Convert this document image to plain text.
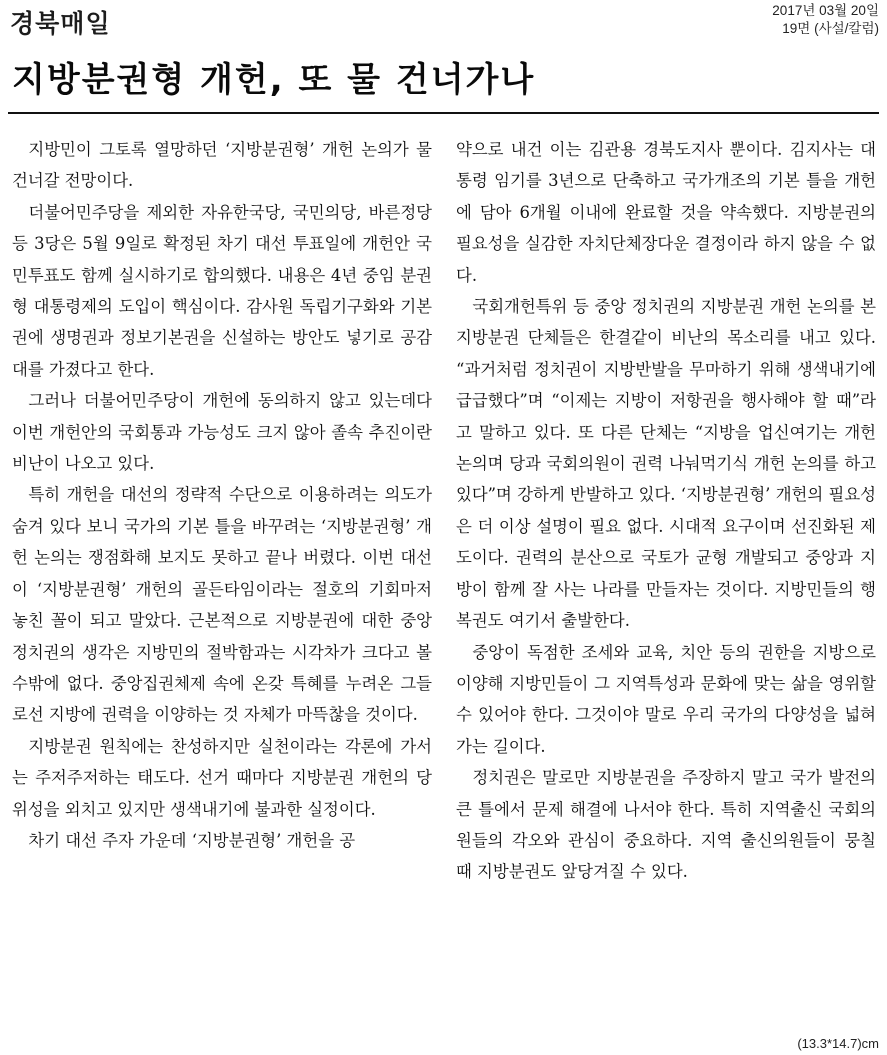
경북매일	2017년 03월 20일
19면 (사설/칼럼)
지방분권형 개헌, 또 물 건너가나

지방민이 그토록 열망하던 ‘지방분권형’ 개헌 논의가 물 건너갈 전망이다.

더불어민주당을 제외한 자유한국당, 국민의당, 바른정당 등 3당은 5월 9일로 확정된 차기 대선 투표일에 개헌안 국민투표도 함께 실시하기로 합의했다. 내용은 4년 중임 분권형 대통령제의 도입이 핵심이다. 감사원 독립기구화와 기본권에 생명권과 정보기본권을 신설하는 방안도 넣기로 공감대를 가졌다고 한다.

그러나 더불어민주당이 개헌에 동의하지 않고 있는데다 이번 개헌안의 국회통과 가능성도 크지 않아 졸속 추진이란 비난이 나오고 있다.

특히 개헌을 대선의 정략적 수단으로 이용하려는 의도가 숨겨 있다 보니 국가의 기본 틀을 바꾸려는 ‘지방분권형’ 개헌 논의는 쟁점화해 보지도 못하고 끝나 버렸다. 이번 대선이 ‘지방분권형’ 개헌의 골든타임이라는 절호의 기회마저 놓친 꼴이 되고 말았다. 근본적으로 지방분권에 대한 중앙 정치권의 생각은 지방민의 절박함과는 시각차가 크다고 볼 수밖에 없다. 중앙집권체제 속에 온갖 특혜를 누려온 그들로선 지방에 권력을 이양하는 것 자체가 마뜩찮을 것이다.

지방분권 원칙에는 찬성하지만 실천이라는 각론에 가서는 주저주저하는 태도다. 선거 때마다 지방분권 개헌의 당위성을 외치고 있지만 생색내기에 불과한 실정이다.

차기 대선 주자 가운데 ‘지방분권형’ 개헌을 공

약으로 내건 이는 김관용 경북도지사 뿐이다. 김지사는 대통령 임기를 3년으로 단축하고 국가개조의 기본 틀을 개헌에 담아 6개월 이내에 완료할 것을 약속했다. 지방분권의 필요성을 실감한 자치단체장다운 결정이라 하지 않을 수 없다.

국회개헌특위 등 중앙 정치권의 지방분권 개헌 논의를 본 지방분권 단체들은 한결같이 비난의 목소리를 내고 있다. “과거처럼 정치권이 지방반발을 무마하기 위해 생색내기에 급급했다”며 “이제는 지방이 저항권을 행사해야 할 때”라고 말하고 있다. 또 다른 단체는 “지방을 업신여기는 개헌 논의며 당과 국회의원이 권력 나눠먹기식 개헌 논의를 하고 있다”며 강하게 반발하고 있다. ‘지방분권형’ 개헌의 필요성은 더 이상 설명이 필요 없다. 시대적 요구이며 선진화된 제도이다. 권력의 분산으로 국토가 균형 개발되고 중앙과 지방이 함께 잘 사는 나라를 만들자는 것이다. 지방민들의 행복권도 여기서 출발한다.

중앙이 독점한 조세와 교육, 치안 등의 권한을 지방으로 이양해 지방민들이 그 지역특성과 문화에 맞는 삶을 영위할 수 있어야 한다. 그것이야 말로 우리 국가의 다양성을 넓혀가는 길이다.

정치권은 말로만 지방분권을 주장하지 말고 국가 발전의 큰 틀에서 문제 해결에 나서야 한다. 특히 지역출신 국회의원들의 각오와 관심이 중요하다. 지역 출신의원들이 뭉칠 때 지방분권도 앞당겨질 수 있다.

(13.3*14.7)cm
